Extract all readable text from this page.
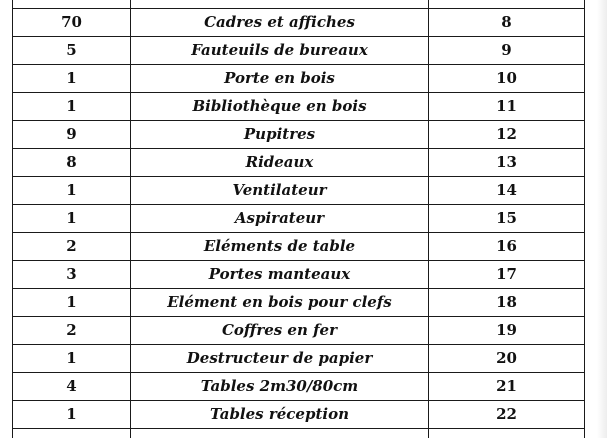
70	Cadres et affiches	8
5	Fauteuils de bureaux	9
1	Porte en bois	10
1	Bibliothèque en bois	11
9	Pupitres	12
8	Rideaux	13
1	Ventilateur	14
1	Aspirateur	15
2	Eléments de table	16
3	Portes manteaux	17
1	Elément en bois pour clefs	18
2	Coffres en fer	19
1	Destructeur de papier	20
4	Tables 2m30/80cm	21
1	Tables réception	22
